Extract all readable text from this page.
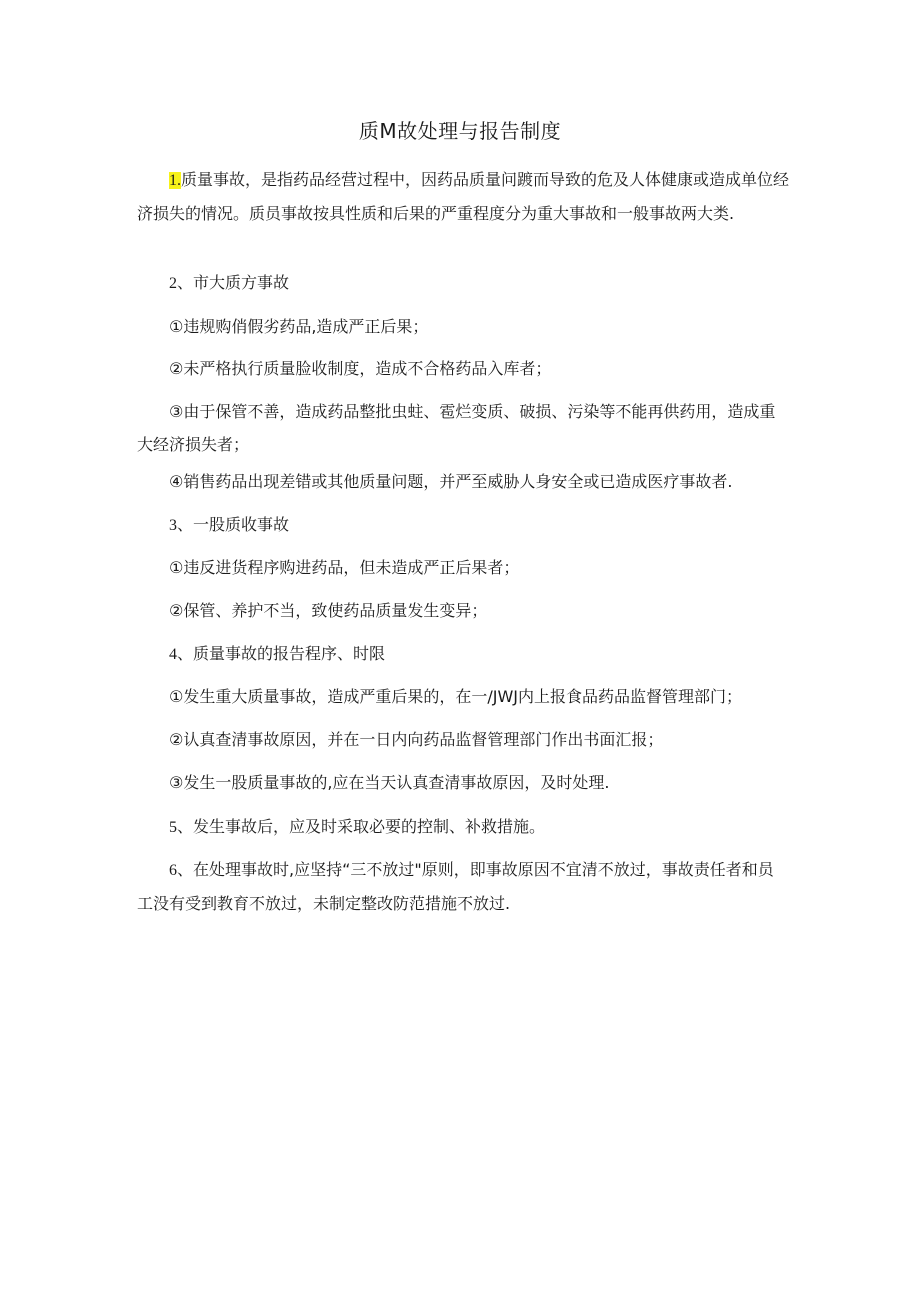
质M故处理与报告制度

1.质量事故，是指药品经营过程中，因药品质量问踱而导致的危及人体健康或造成单位经济损失的情况。质员事故按具性质和后果的严重程度分为重大事故和一般事故两大类.

2、市大质方事故

①违规购俏假劣药品,造成严正后果；

②未严格执行质量脸收制度，造成不合格药品入库者；

③由于保管不善，造成药品整批虫蛀、雹烂变质、破损、污染等不能再供药用，造成重大经济损失者；

④销售药品出现差错或其他质量问题，并严至威胁人身安全或已造成医疗事故者.

3、一股质收事故

①违反进货程序购进药品，但未造成严正后果者；

②保管、养护不当，致使药品质量发生变异；

4、质量事故的报告程序、时限

①发生重大质量事故，造成严重后果的，在一/JWJ内上报食品药品监督管理部门；

②认真查清事故原因，并在一日内向药品监督管理部门作出书面汇报；

③发生一股质量事故的,应在当天认真查清事故原因，及时处理.

5、发生事故后，应及时采取必要的控制、补救措施。

6、在处理事故时,应坚持“三不放过"原则，即事故原因不宜清不放过，事故责任者和员工没有受到教育不放过，未制定整改防范措施不放过.
